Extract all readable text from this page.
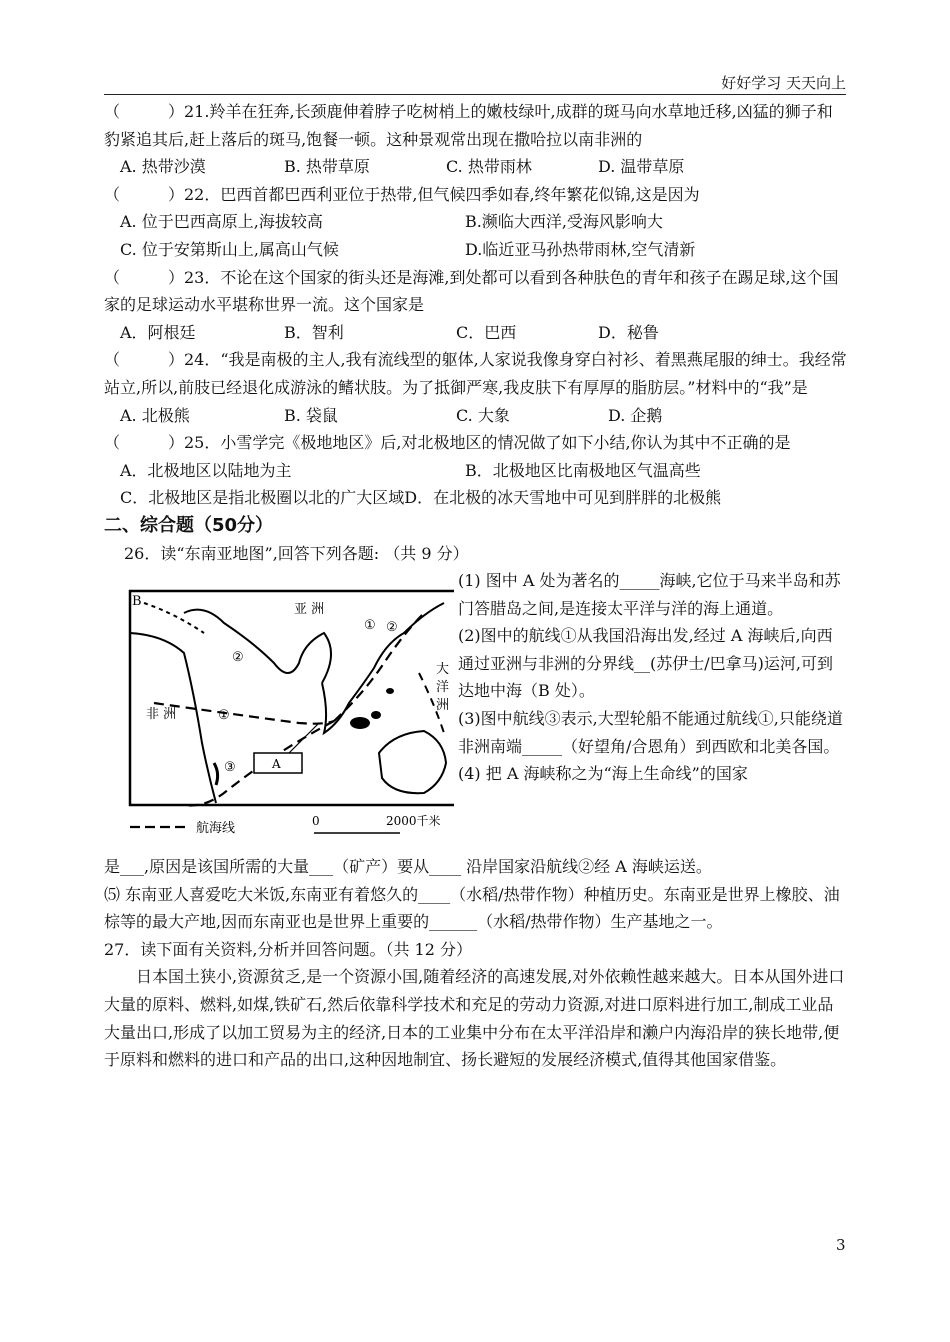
好好学习 天天向上

（　　　）21.羚羊在狂奔,长颈鹿伸着脖子吃树梢上的嫩枝绿叶,成群的斑马向水草地迁移,凶猛的狮子和豹紧追其后,赶上落后的斑马,饱餐一顿。这种景观常出现在撒哈拉以南非洲的

A. 热带沙漠	B. 热带草原	C. 热带雨林	D. 温带草原

（　　　）22．巴西首都巴西利亚位于热带,但气候四季如春,终年繁花似锦,这是因为

A. 位于巴西高原上,海拔较高	B.濒临大西洋,受海风影响大
C. 位于安第斯山上,属高山气候	D.临近亚马孙热带雨林,空气清新

（　　　）23．不论在这个国家的街头还是海滩,到处都可以看到各种肤色的青年和孩子在踢足球,这个国家的足球运动水平堪称世界一流。这个国家是

A．阿根廷	B．智利	C．巴西	D．秘鲁

（　　　）24．“我是南极的主人,我有流线型的躯体,人家说我像身穿白衬衫、着黑燕尾服的绅士。我经常站立,所以,前肢已经退化成游泳的鳍状肢。为了抵御严寒,我皮肤下有厚厚的脂肪层。”材料中的“我”是

A. 北极熊	B. 袋鼠	C. 大象	D. 企鹅

（　　　）25．小雪学完《极地地区》后,对北极地区的情况做了如下小结,你认为其中不正确的是

A．北极地区以陆地为主	B．北极地区比南极地区气温高些
C．北极地区是指北极圈以北的广大区域 D．在北极的冰天雪地中可见到胖胖的北极熊

二、综合题（50分）

26．读“东南亚地图”,回答下列各题: （共 9 分）

A
B
亚 洲
非 洲
大
洋
洲
① ②
②
①
③
航海线	0	2000千米

(1) 图中 A 处为著名的_____海峡,它位于马来半岛和苏门答腊岛之间,是连接太平洋与洋的海上通道。

(2)图中的航线①从我国沿海出发,经过 A 海峡后,向西通过亚洲与非洲的分界线__(苏伊士/巴拿马)运河,可到达地中海（B 处）。

(3)图中航线③表示,大型轮船不能通过航线①,只能绕道非洲南端_____（好望角/合恩角）到西欧和北美各国。

(4) 把 A 海峡称之为“海上生命线”的国家

是___,原因是该国所需的大量___（矿产）要从____ 沿岸国家沿航线②经 A 海峡运送。

⑸ 东南亚人喜爱吃大米饭,东南亚有着悠久的____（水稻/热带作物）种植历史。东南亚是世界上橡胶、油棕等的最大产地,因而东南亚也是世界上重要的______（水稻/热带作物）生产基地之一。

27．读下面有关资料,分析并回答问题。（共 12 分）

日本国土狭小,资源贫乏,是一个资源小国,随着经济的高速发展,对外依赖性越来越大。日本从国外进口大量的原料、燃料,如煤,铁矿石,然后依靠科学技术和充足的劳动力资源,对进口原料进行加工,制成工业品大量出口,形成了以加工贸易为主的经济,日本的工业集中分布在太平洋沿岸和濑户内海沿岸的狭长地带,便于原料和燃料的进口和产品的出口,这种因地制宜、扬长避短的发展经济模式,值得其他国家借鉴。

3
